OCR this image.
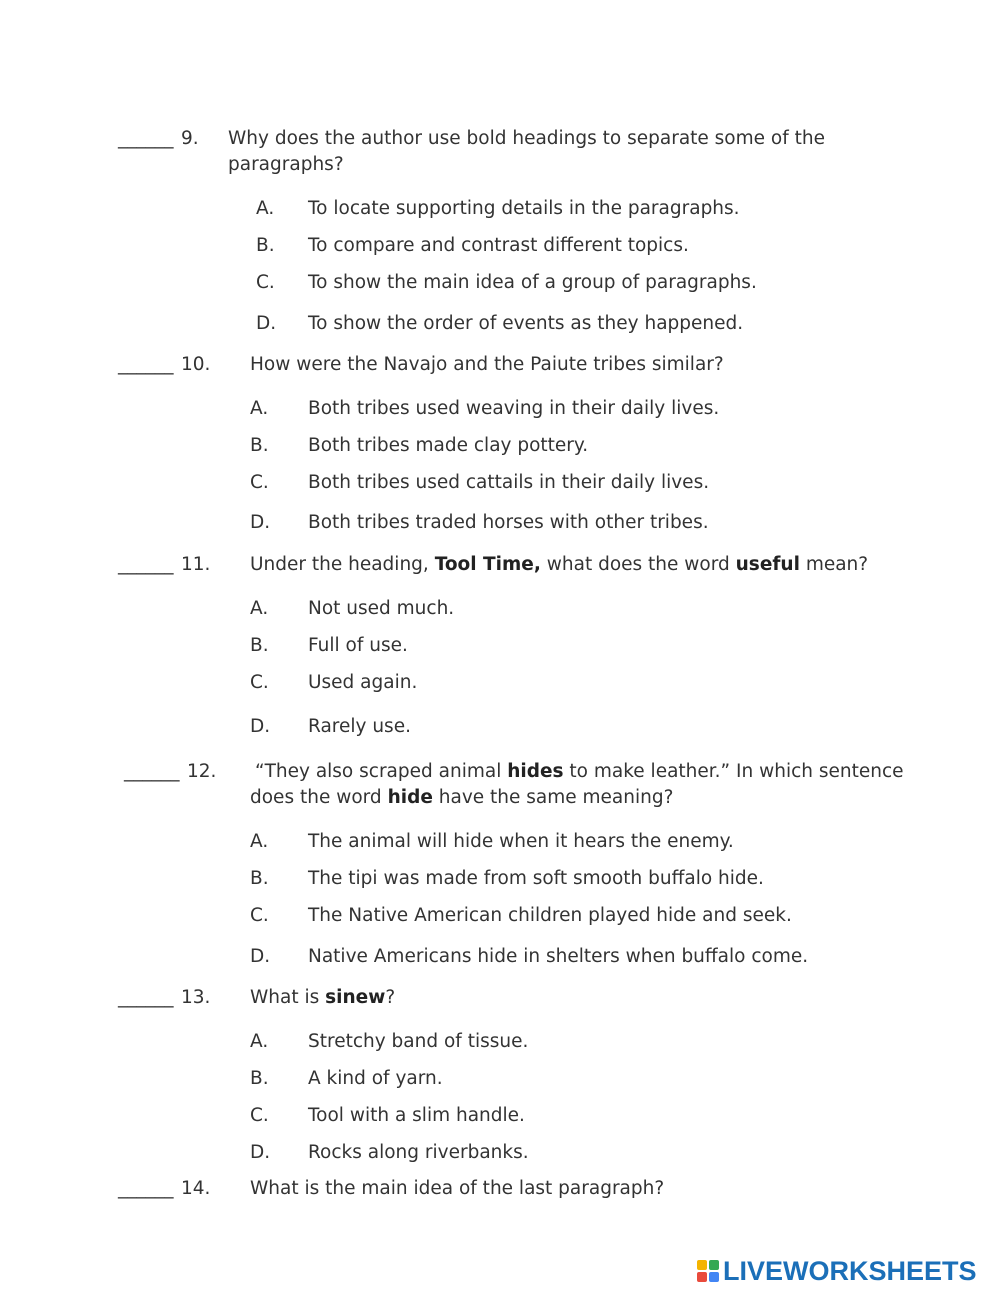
______ 9. Why does the author use bold headings to separate some of the
paragraphs?
A. To locate supporting details in the paragraphs.
B. To compare and contrast different topics.
C. To show the main idea of a group of paragraphs.
D. To show the order of events as they happened.
______ 10. How were the Navajo and the Paiute tribes similar?
A. Both tribes used weaving in their daily lives.
B. Both tribes made clay pottery.
C. Both tribes used cattails in their daily lives.
D. Both tribes traded horses with other tribes.
______ 11. Under the heading, Tool Time, what does the word useful mean?
A. Not used much.
B. Full of use.
C. Used again.
D. Rarely use.
______ 12. “They also scraped animal hides to make leather.” In which sentence
does the word hide have the same meaning?
A. The animal will hide when it hears the enemy.
B. The tipi was made from soft smooth buffalo hide.
C. The Native American children played hide and seek.
D. Native Americans hide in shelters when buffalo come.
______ 13. What is sinew?
A. Stretchy band of tissue.
B. A kind of yarn.
C. Tool with a slim handle.
D. Rocks along riverbanks.
______ 14. What is the main idea of the last paragraph?
LIVEWORKSHEETS
